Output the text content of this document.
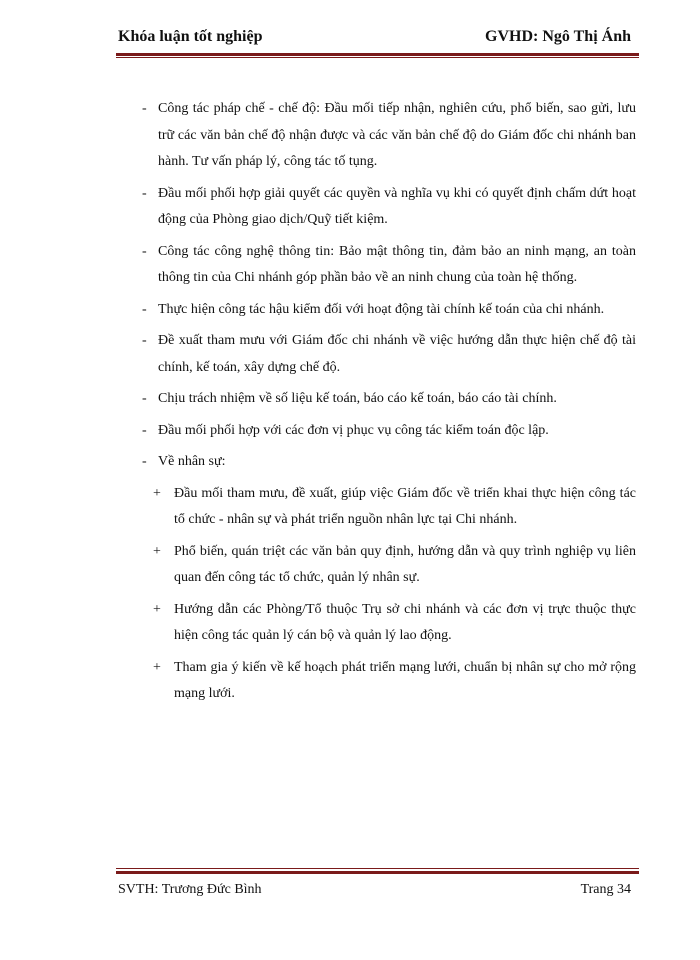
Khóa luận tốt nghiệp	GVHD: Ngô Thị Ánh
- Công tác pháp chế - chế độ: Đầu mối tiếp nhận, nghiên cứu, phổ biến, sao gửi, lưu trữ các văn bản chế độ nhận được và các văn bản chế độ do Giám đốc chi nhánh ban hành. Tư vấn pháp lý, công tác tố tụng.
- Đầu mối phối hợp giải quyết các quyền và nghĩa vụ khi có quyết định chấm dứt hoạt động của Phòng giao dịch/Quỹ tiết kiệm.
- Công tác công nghệ thông tin: Bảo mật thông tin, đảm bảo an ninh mạng, an toàn thông tin của Chi nhánh góp phần bảo về an ninh chung của toàn hệ thống.
- Thực hiện công tác hậu kiểm đối với hoạt động tài chính kế toán của chi nhánh.
- Đề xuất tham mưu với Giám đốc chi nhánh về việc hướng dẫn thực hiện chế độ tài chính, kế toán, xây dựng chế độ.
- Chịu trách nhiệm về số liệu kế toán, báo cáo kế toán, báo cáo tài chính.
- Đầu mối phối hợp với các đơn vị phục vụ công tác kiểm toán độc lập.
- Về nhân sự:
+ Đầu mối tham mưu, đề xuất, giúp việc Giám đốc về triển khai thực hiện công tác tổ chức - nhân sự và phát triển nguồn nhân lực tại Chi nhánh.
+ Phổ biến, quán triệt các văn bản quy định, hướng dẫn và quy trình nghiệp vụ liên quan đến công tác tổ chức, quản lý nhân sự.
+ Hướng dẫn các Phòng/Tổ thuộc Trụ sở chi nhánh và các đơn vị trực thuộc thực hiện công tác quản lý cán bộ và quản lý lao động.
+ Tham gia ý kiến về kế hoạch phát triển mạng lưới, chuẩn bị nhân sự cho mở rộng mạng lưới.
SVTH: Trương Đức Bình	Trang 34
